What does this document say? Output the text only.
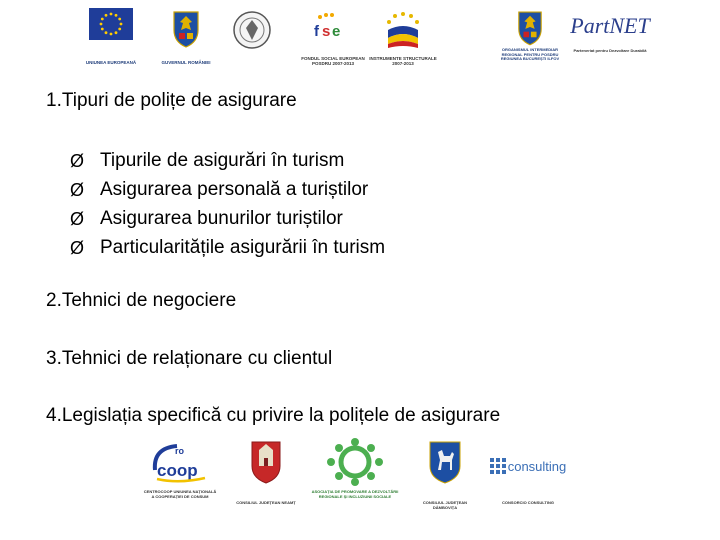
UNIUNEA EUROPEANĂ	GUVERNUL ROMÂNIEI
f s e
FONDUL SOCIAL EUROPEAN POSDRU 2007-2013
INSTRUMENTE STRUCTURALE 2007-2013
ORGANISMUL INTERMEDIAR REGIONAL PENTRU POSDRU REGIUNEA BUCUREȘTI ILFOV
PartNET
Parteneriat pentru Dezvoltare Durabilă
1.Tipuri de polițe de asigurare
Ø Tipurile de asigurări în turism
Ø Asigurarea personală a turiștilor
Ø Asigurarea bunurilor turiștilor
Ø Particularitățile asigurării în turism
2.Tehnici de negociere
3.Tehnici de relaționare cu clientul
4.Legislația specifică cu privire la polițele de asigurare
ro
coop
CENTROCOOP UNIUNEA NAȚIONALĂ A COOPERAȚIEI DE CONSUM
CONSILIUL JUDEȚEAN NEAMȚ
ASOCIAȚIA DE PROMOVARE A DEZVOLTĂRII REGIONALE ȘI INCLUZIUNII SOCIALE
CONSILIUL JUDEȚEAN DÂMBOVIȚA
consulting
CONSORCIO CONSULTING
